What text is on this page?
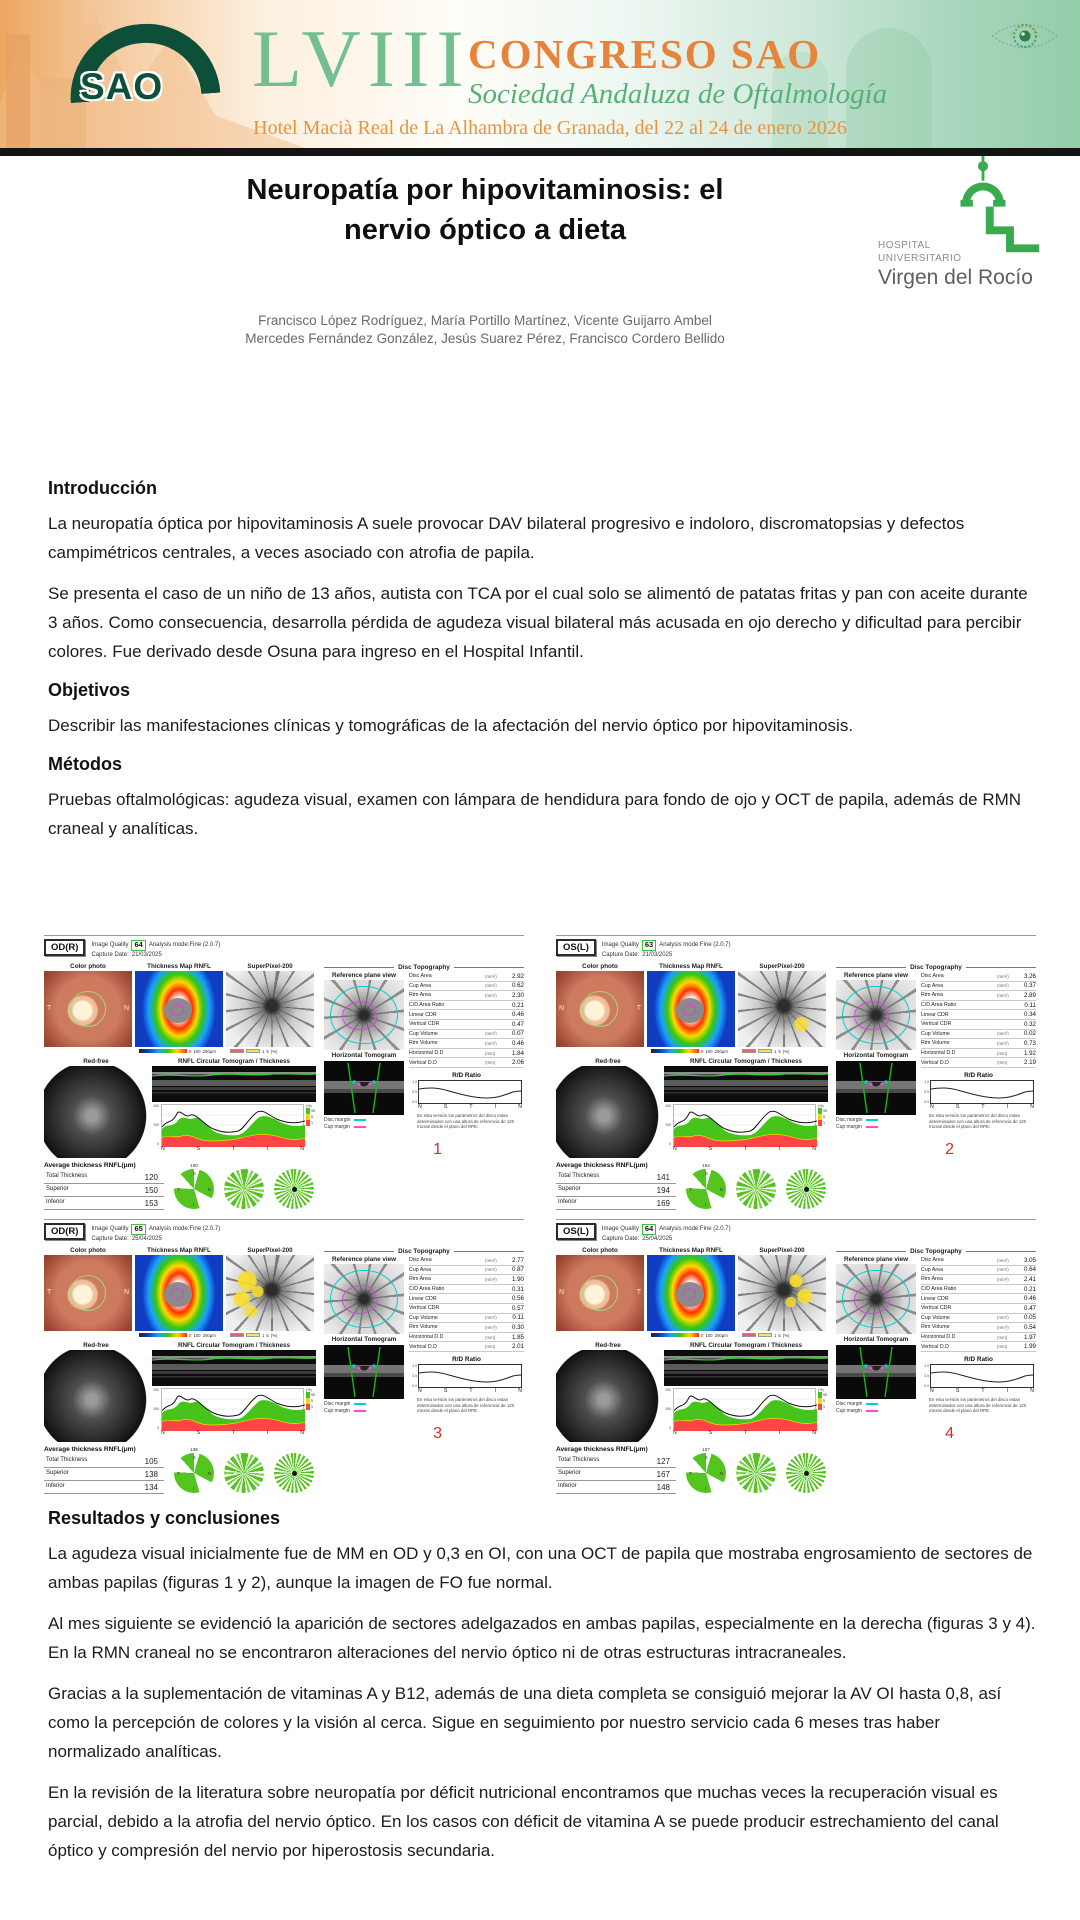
SAO LVIII
CONGRESO SAO
Sociedad Andaluza de Oftalmología
Hotel Macià Real de La Alhambra de Granada, del 22 al 24 de enero 2026
Neuropatía por hipovitaminosis: el
nervio óptico a dieta
Francisco López Rodríguez, María Portillo Martínez, Vicente Guijarro Ambel
Mercedes Fernández González, Jesús Suarez Pérez, Francisco Cordero Bellido
HOSPITAL
UNIVERSITARIO
Virgen del Rocío
Introducción

La neuropatía óptica por hipovitaminosis A suele provocar DAV bilateral progresivo e indoloro, discromatopsias y defectos campimétricos centrales, a veces asociado con atrofia de papila.

Se presenta el caso de un niño de 13 años, autista con TCA por el cual solo se alimentó de patatas fritas y pan con aceite durante 3 años. Como consecuencia, desarrolla pérdida de agudeza visual bilateral más acusada en ojo derecho y dificultad para percibir colores. Fue derivado desde Osuna para ingreso en el Hospital Infantil.

Objetivos

Describir las manifestaciones clínicas y tomográficas de la afectación del nervio óptico por hipovitaminosis.

Métodos

Pruebas oftalmológicas: agudeza visual, examen con lámpara de hendidura para fondo de ojo y OCT de papila, además de RMN craneal y analíticas.

OD(R)	Image Quality 64	Analysis mode:Fine (2.0.7)
Capture Date: 21/03/2025
Color photo
T	N
Thickness Map RNFL
0 100 200μm
SuperPixel-200
1 5 (%)
Red-free	RNFL Circular Tomogram / Thickness
200
100
0
(%)
95
5
1
N	S	T	I	N
Average thickness RNFL(μm)
Total Thickness	120
Superior	150
Inferior	153
150
S
N
T
I
Disc Topography
Reference plane view
Horizontal Tomogram
Disc margin
Cup margin
Disc Area	(mm²)	2.92
Cup Area	(mm²)	0.62
Rim Area	(mm²)	2.30
C/D Area Ratio	0.21
Linear CDR	0.46
Vertical CDR	0.47
Cup Volume	(mm³)	0.07
Rim Volume	(mm³)	0.46
Horizontal D.D	(mm)	1.84
Vertical D.D	(mm)	2.06
R/D Ratio
1.0
0.5
0.0
N	S	T	I	N
En esta versión los parámetros del disco estan determinados con una altura de referencia de 120 micras desde el plano del RPE.
1
OS(L)	Image Quality 63	Analysis mode:Fine (2.0.7)
Capture Date: 21/03/2025
Color photo
N	T
Thickness Map RNFL
0 100 200μm
SuperPixel-200
1 5 (%)
Red-free	RNFL Circular Tomogram / Thickness
200
100
0
(%)
95
5
1
N	S	T	I	N
Average thickness RNFL(μm)
Total Thickness	141
Superior	194
Inferior	169
194
S
N
T
I
Disc Topography
Reference plane view
Horizontal Tomogram
Disc margin
Cup margin
Disc Area	(mm²)	3.26
Cup Area	(mm²)	0.37
Rim Area	(mm²)	2.89
C/D Area Ratio	0.11
Linear CDR	0.34
Vertical CDR	0.32
Cup Volume	(mm³)	0.02
Rim Volume	(mm³)	0.73
Horizontal D.D	(mm)	1.92
Vertical D.D	(mm)	2.19
R/D Ratio
1.0
0.5
0.0
N	S	T	I	N
En esta versión los parámetros del disco estan determinados con una altura de referencia de 120 micras desde el plano del RPE.
2
OD(R)	Image Quality 65	Analysis mode:Fine (2.0.7)
Capture Date: 25/04/2025
Color photo
T	N
Thickness Map RNFL
0 100 200μm
SuperPixel-200
1 5 (%)
Red-free	RNFL Circular Tomogram / Thickness
200
100
0
(%)
95
5
1
N	S	T	I	N
Average thickness RNFL(μm)
Total Thickness	105
Superior	138
Inferior	134
138
S
N
T
I
Disc Topography
Reference plane view
Horizontal Tomogram
Disc margin
Cup margin
Disc Area	(mm²)	2.77
Cup Area	(mm²)	0.87
Rim Area	(mm²)	1.90
C/D Area Ratio	0.31
Linear CDR	0.56
Vertical CDR	0.57
Cup Volume	(mm³)	0.11
Rim Volume	(mm³)	0.30
Horizontal D.D	(mm)	1.85
Vertical D.D	(mm)	2.01
R/D Ratio
1.0
0.5
0.0
N	S	T	I	N
En esta versión los parámetros del disco estan determinados con una altura de referencia de 120 micras desde el plano del RPE.
3
OS(L)	Image Quality 64	Analysis mode:Fine (2.0.7)
Capture Date: 25/04/2025
Color photo
N	T
Thickness Map RNFL
0 100 200μm
SuperPixel-200
1 5 (%)
Red-free	RNFL Circular Tomogram / Thickness
200
100
0
(%)
95
5
1
N	S	T	I	N
Average thickness RNFL(μm)
Total Thickness	127
Superior	167
Inferior	148
167
S
N
T
I
Disc Topography
Reference plane view
Horizontal Tomogram
Disc margin
Cup margin
Disc Area	(mm²)	3.05
Cup Area	(mm²)	0.64
Rim Area	(mm²)	2.41
C/D Area Ratio	0.21
Linear CDR	0.46
Vertical CDR	0.47
Cup Volume	(mm³)	0.05
Rim Volume	(mm³)	0.54
Horizontal D.D	(mm)	1.97
Vertical D.D	(mm)	1.99
R/D Ratio
1.0
0.5
0.0
N	S	T	I	N
En esta versión los parámetros del disco estan determinados con una altura de referencia de 120 micras desde el plano del RPE.
4
Resultados y conclusiones

La agudeza visual inicialmente fue de MM en OD y 0,3 en OI, con una OCT de papila que mostraba engrosamiento de sectores de ambas papilas (figuras 1 y 2), aunque la imagen de FO fue normal.

Al mes siguiente se evidenció la aparición de sectores adelgazados en ambas papilas, especialmente en la derecha (figuras 3 y 4). En la RMN craneal no se encontraron alteraciones del nervio óptico ni de otras estructuras intracraneales.

Gracias a la suplementación de vitaminas A y B12, además de una dieta completa se consiguió mejorar la AV OI hasta 0,8, así como la percepción de colores y la visión al cerca. Sigue en seguimiento por nuestro servicio cada 6 meses tras haber normalizado analíticas.

En la revisión de la literatura sobre neuropatía por déficit nutricional encontramos que muchas veces la recuperación visual es parcial, debido a la atrofia del nervio óptico. En los casos con déficit de vitamina A se puede producir estrechamiento del canal óptico y compresión del nervio por hiperostosis secundaria.
